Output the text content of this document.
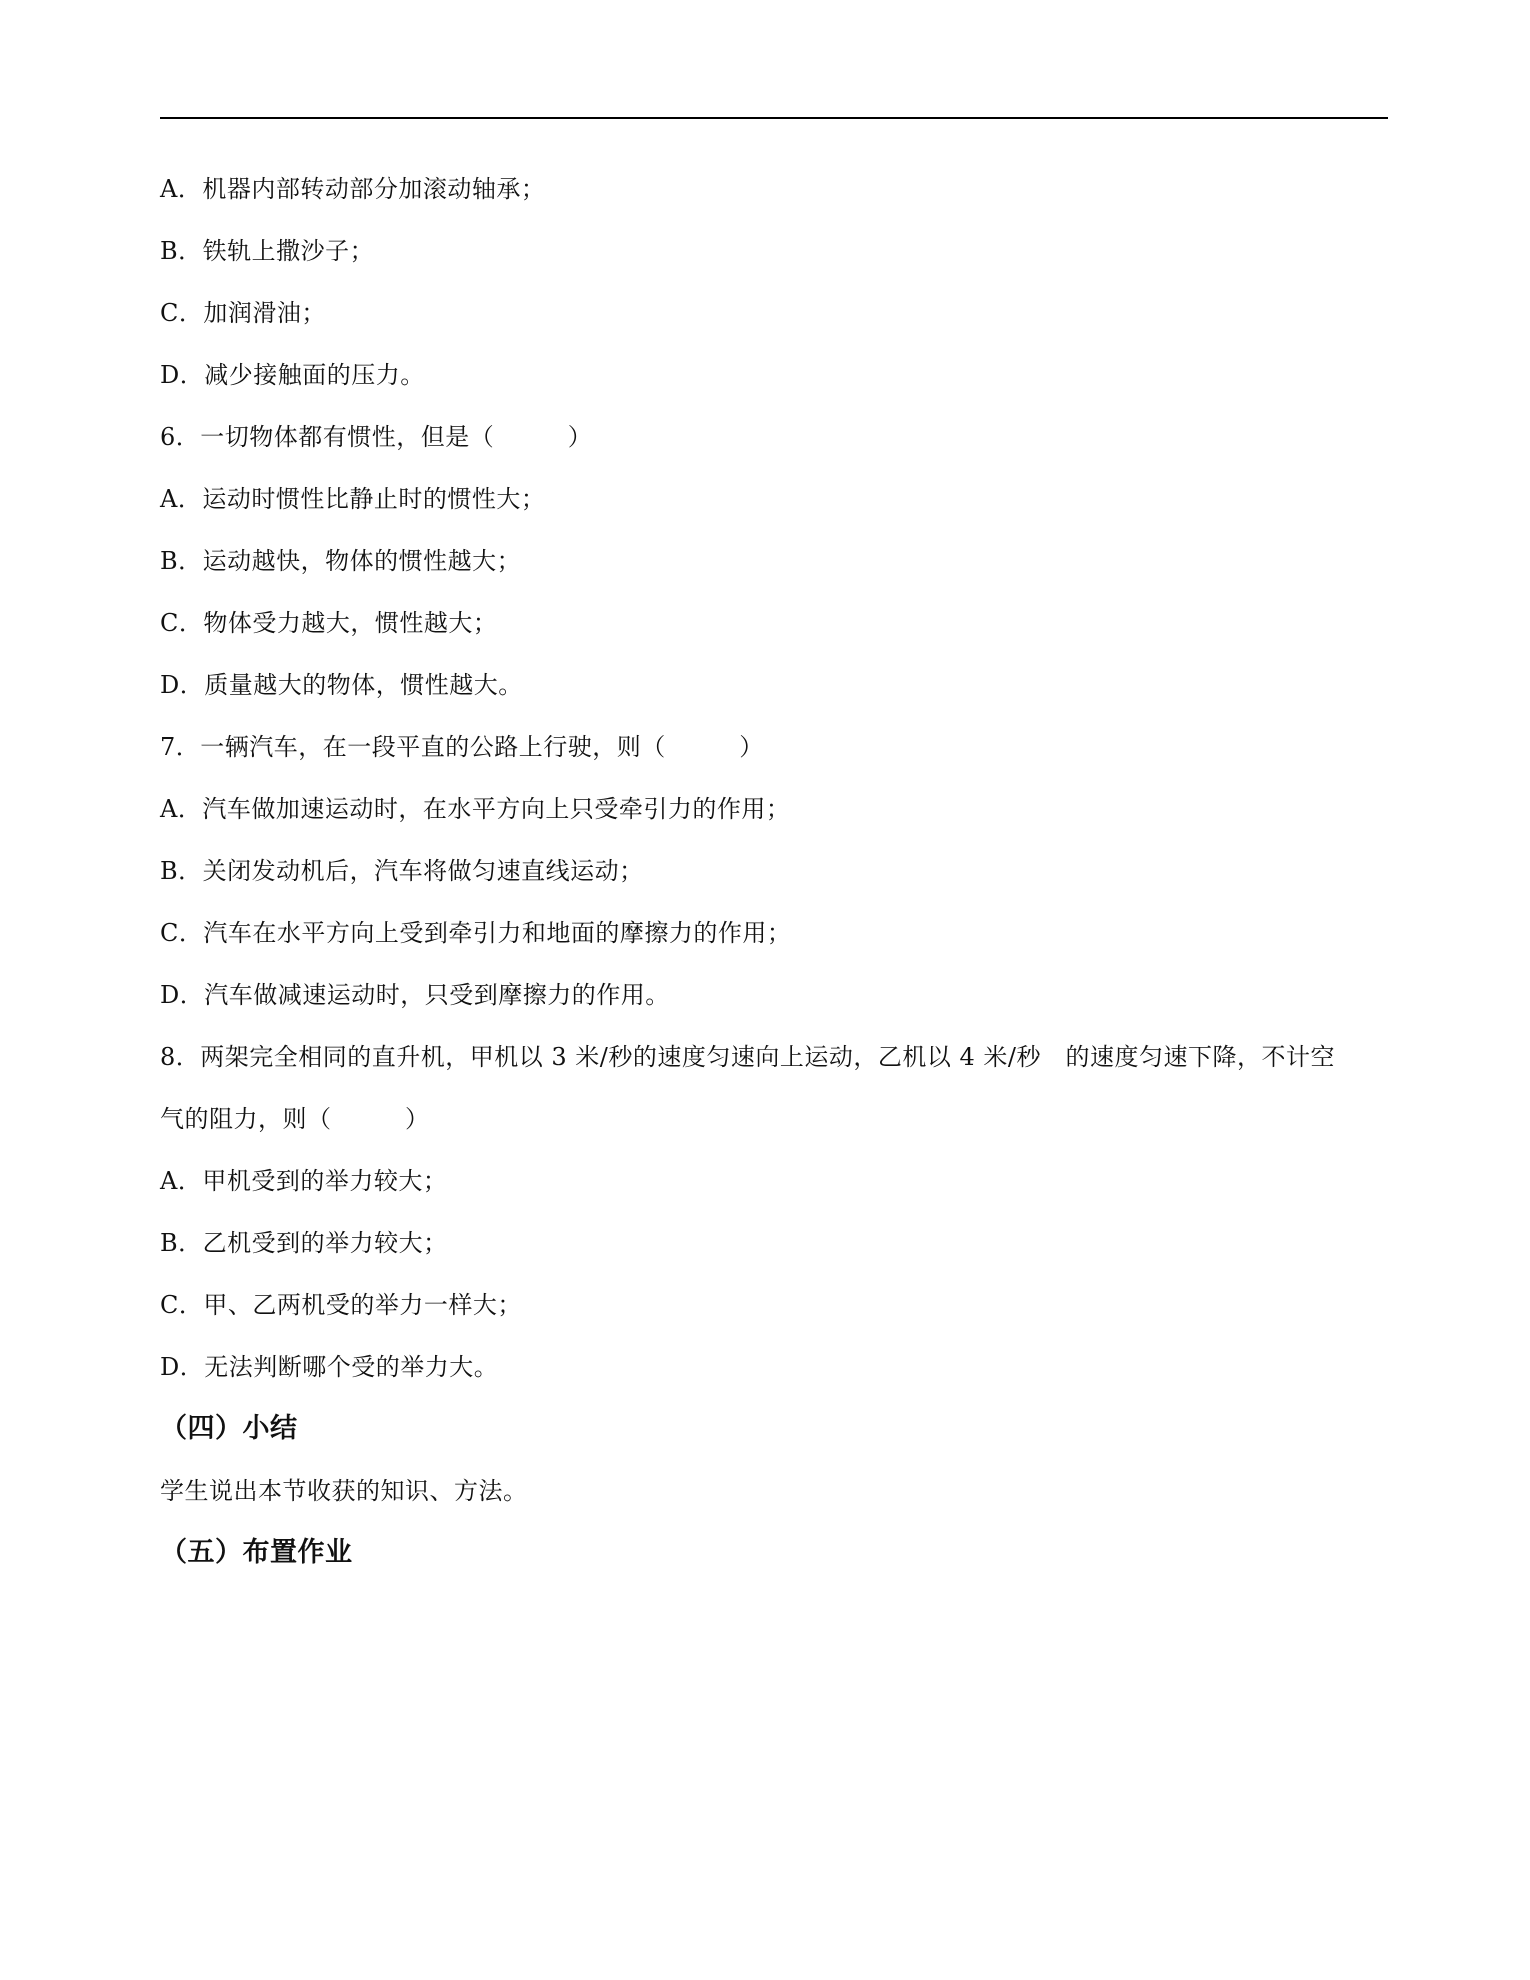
A．机器内部转动部分加滚动轴承；
B．铁轨上撒沙子；
C．加润滑油；
D．减少接触面的压力。
6．一切物体都有惯性，但是（　　　）
A．运动时惯性比静止时的惯性大；
B．运动越快，物体的惯性越大；
C．物体受力越大，惯性越大；
D．质量越大的物体，惯性越大。
7．一辆汽车，在一段平直的公路上行驶，则（　　　）
A．汽车做加速运动时，在水平方向上只受牵引力的作用；
B．关闭发动机后，汽车将做匀速直线运动；
C．汽车在水平方向上受到牵引力和地面的摩擦力的作用；
D．汽车做减速运动时，只受到摩擦力的作用。
8．两架完全相同的直升机，甲机以 3 米/秒的速度匀速向上运动，乙机以 4 米/秒　的速度匀速下降，不计空
气的阻力，则（　　　）
A．甲机受到的举力较大；
B．乙机受到的举力较大；
C．甲、乙两机受的举力一样大；
D．无法判断哪个受的举力大。
（四）小结
学生说出本节收获的知识、方法。
（五）布置作业
